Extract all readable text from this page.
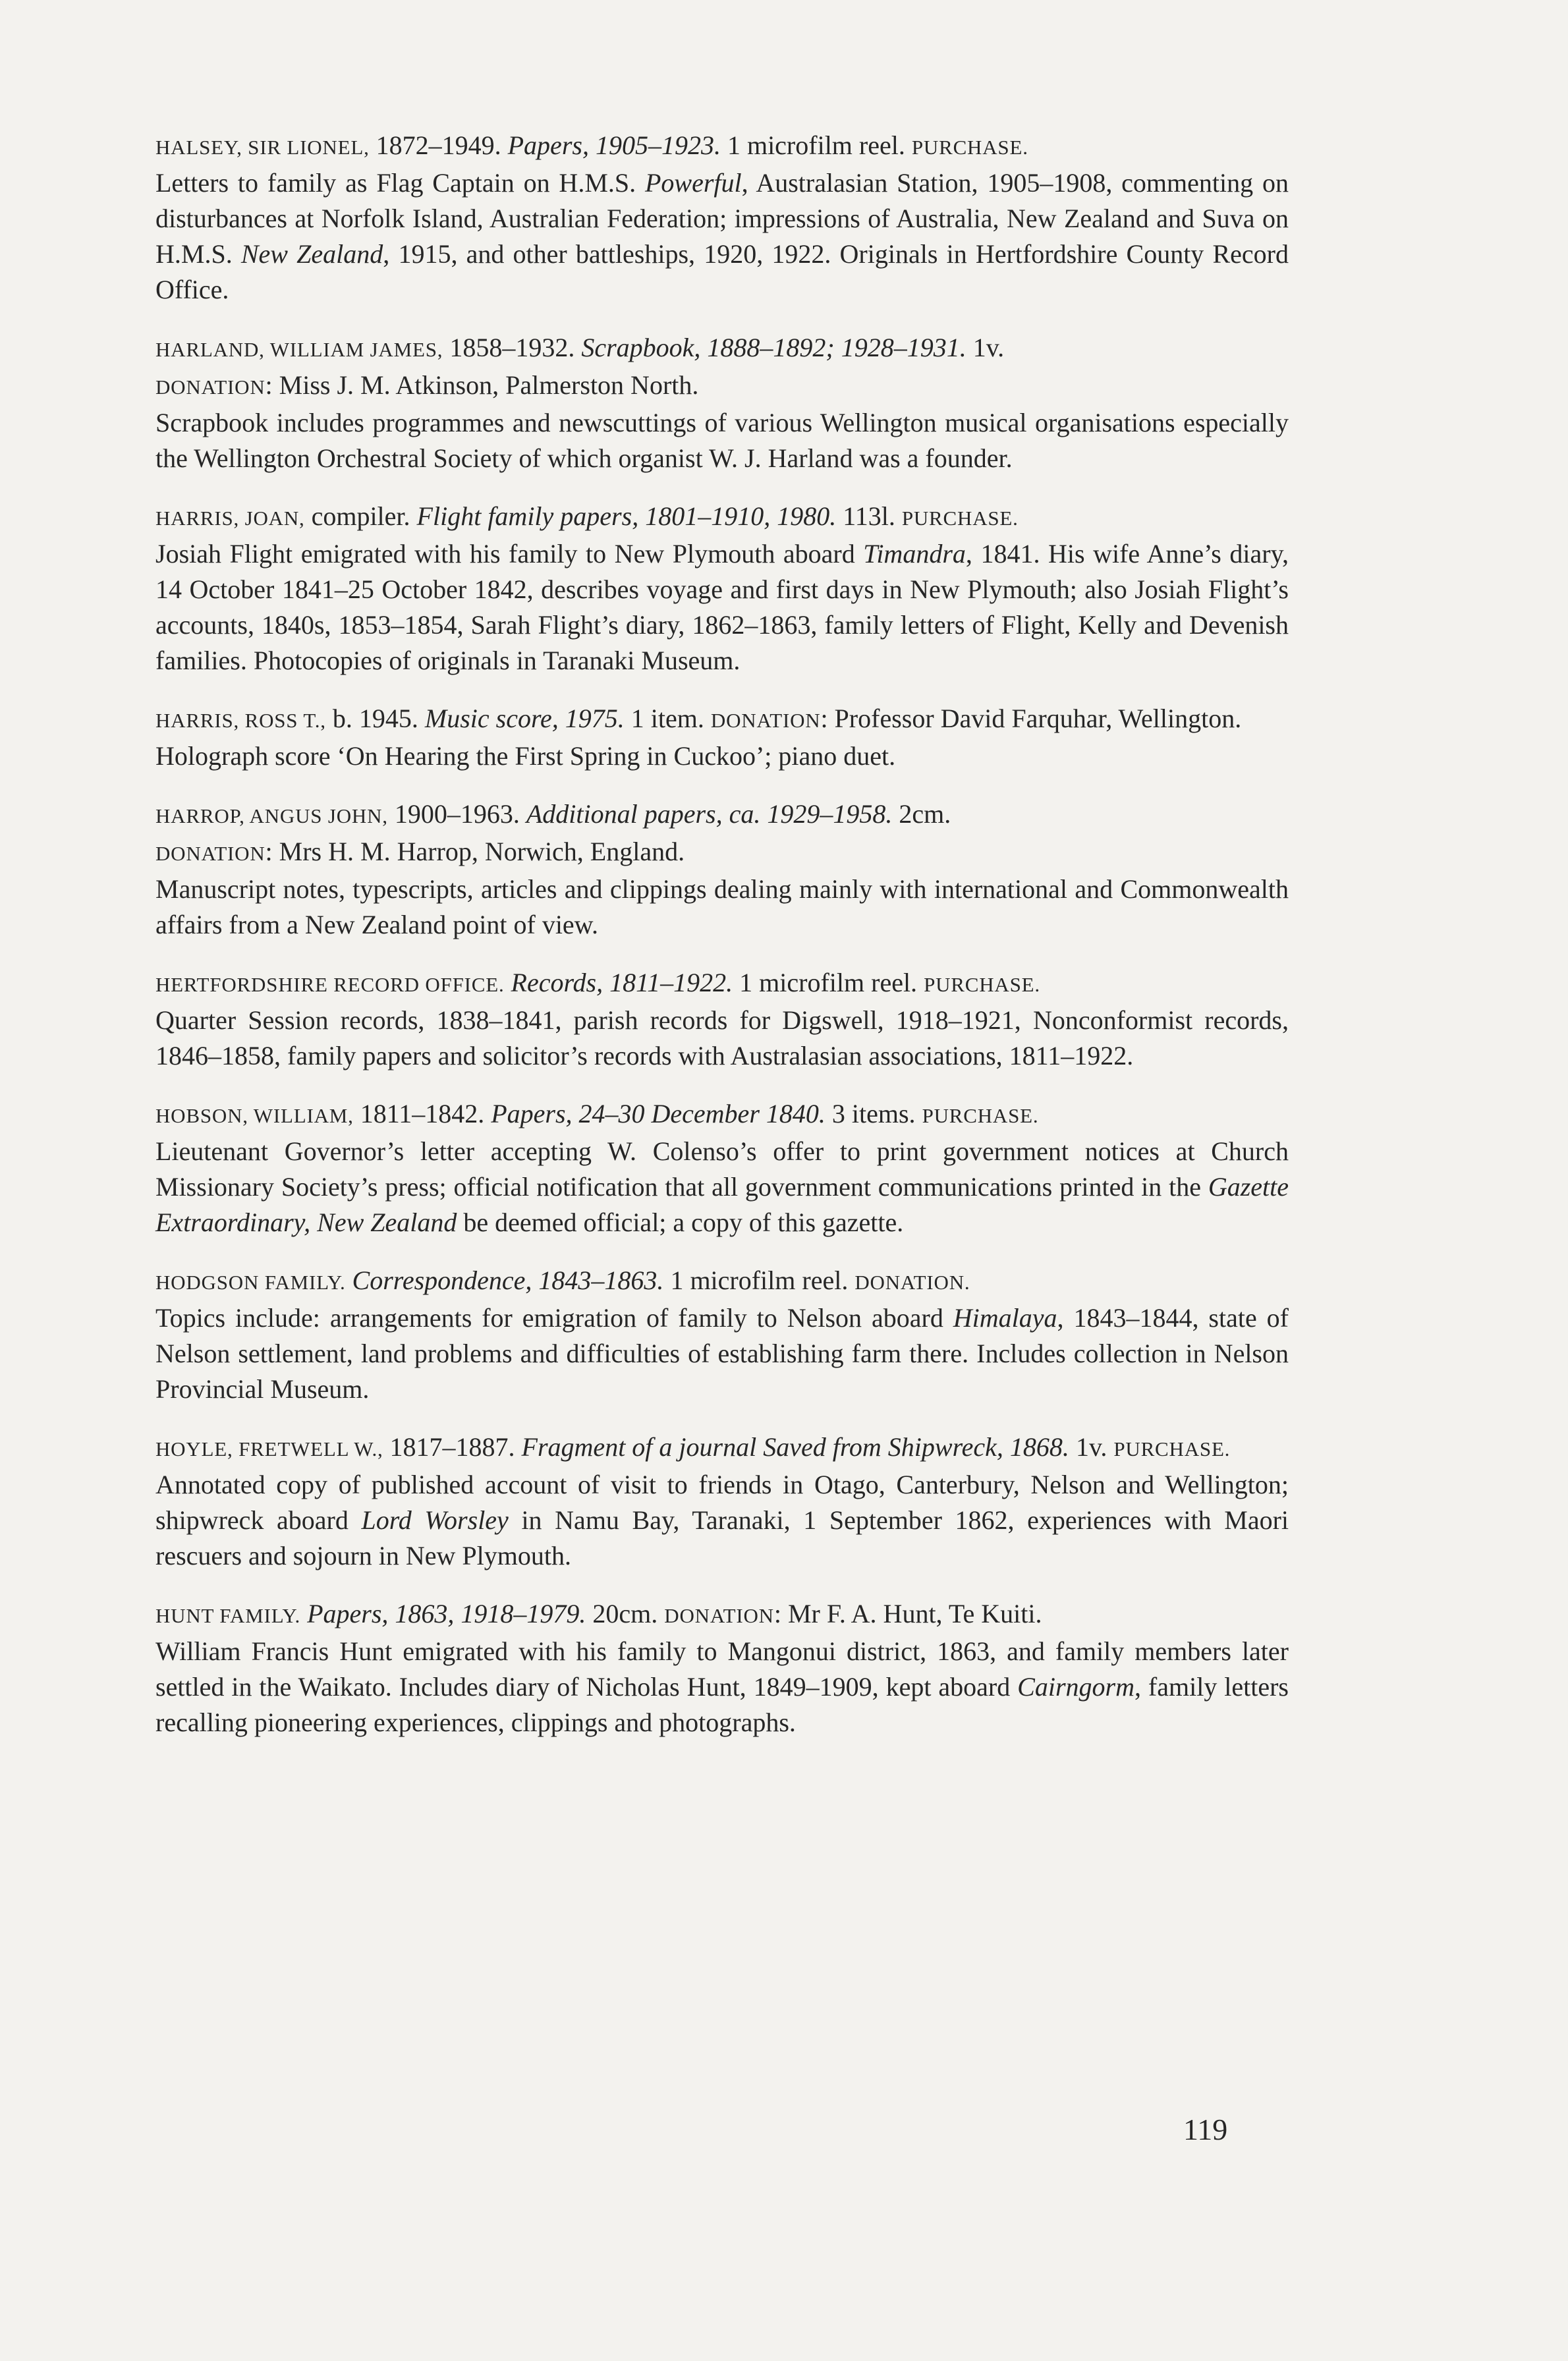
HALSEY, SIR LIONEL, 1872–1949. Papers, 1905–1923. 1 microfilm reel. PURCHASE.

Letters to family as Flag Captain on H.M.S. Powerful, Australasian Station, 1905–1908, commenting on disturbances at Norfolk Island, Australian Federation; impressions of Australia, New Zealand and Suva on H.M.S. New Zealand, 1915, and other battleships, 1920, 1922. Originals in Hertfordshire County Record Office.

HARLAND, WILLIAM JAMES, 1858–1932. Scrapbook, 1888–1892; 1928–1931. 1v.

DONATION: Miss J. M. Atkinson, Palmerston North.

Scrapbook includes programmes and newscuttings of various Wellington musical organisations especially the Wellington Orchestral Society of which organist W. J. Harland was a founder.

HARRIS, JOAN, compiler. Flight family papers, 1801–1910, 1980. 113l. PURCHASE.

Josiah Flight emigrated with his family to New Plymouth aboard Timandra, 1841. His wife Anne’s diary, 14 October 1841–25 October 1842, describes voyage and first days in New Plymouth; also Josiah Flight’s accounts, 1840s, 1853–1854, Sarah Flight’s diary, 1862–1863, family letters of Flight, Kelly and Devenish families. Photocopies of originals in Taranaki Museum.

HARRIS, ROSS T., b. 1945. Music score, 1975. 1 item. DONATION: Professor David Farquhar, Wellington.

Holograph score ‘On Hearing the First Spring in Cuckoo’; piano duet.

HARROP, ANGUS JOHN, 1900–1963. Additional papers, ca. 1929–1958. 2cm.

DONATION: Mrs H. M. Harrop, Norwich, England.

Manuscript notes, typescripts, articles and clippings dealing mainly with international and Commonwealth affairs from a New Zealand point of view.

HERTFORDSHIRE RECORD OFFICE. Records, 1811–1922. 1 microfilm reel. PURCHASE.

Quarter Session records, 1838–1841, parish records for Digswell, 1918–1921, Nonconformist records, 1846–1858, family papers and solicitor’s records with Australasian associations, 1811–1922.

HOBSON, WILLIAM, 1811–1842. Papers, 24–30 December 1840. 3 items. PURCHASE.

Lieutenant Governor’s letter accepting W. Colenso’s offer to print government notices at Church Missionary Society’s press; official notification that all government communications printed in the Gazette Extraordinary, New Zealand be deemed official; a copy of this gazette.

HODGSON FAMILY. Correspondence, 1843–1863. 1 microfilm reel. DONATION.

Topics include: arrangements for emigration of family to Nelson aboard Himalaya, 1843–1844, state of Nelson settlement, land problems and difficulties of establishing farm there. Includes collection in Nelson Provincial Museum.

HOYLE, FRETWELL W., 1817–1887. Fragment of a journal Saved from Shipwreck, 1868. 1v. PURCHASE.

Annotated copy of published account of visit to friends in Otago, Canterbury, Nelson and Wellington; shipwreck aboard Lord Worsley in Namu Bay, Taranaki, 1 September 1862, experiences with Maori rescuers and sojourn in New Plymouth.

HUNT FAMILY. Papers, 1863, 1918–1979. 20cm. DONATION: Mr F. A. Hunt, Te Kuiti.

William Francis Hunt emigrated with his family to Mangonui district, 1863, and family members later settled in the Waikato. Includes diary of Nicholas Hunt, 1849–1909, kept aboard Cairngorm, family letters recalling pioneering experiences, clippings and photographs.

119
